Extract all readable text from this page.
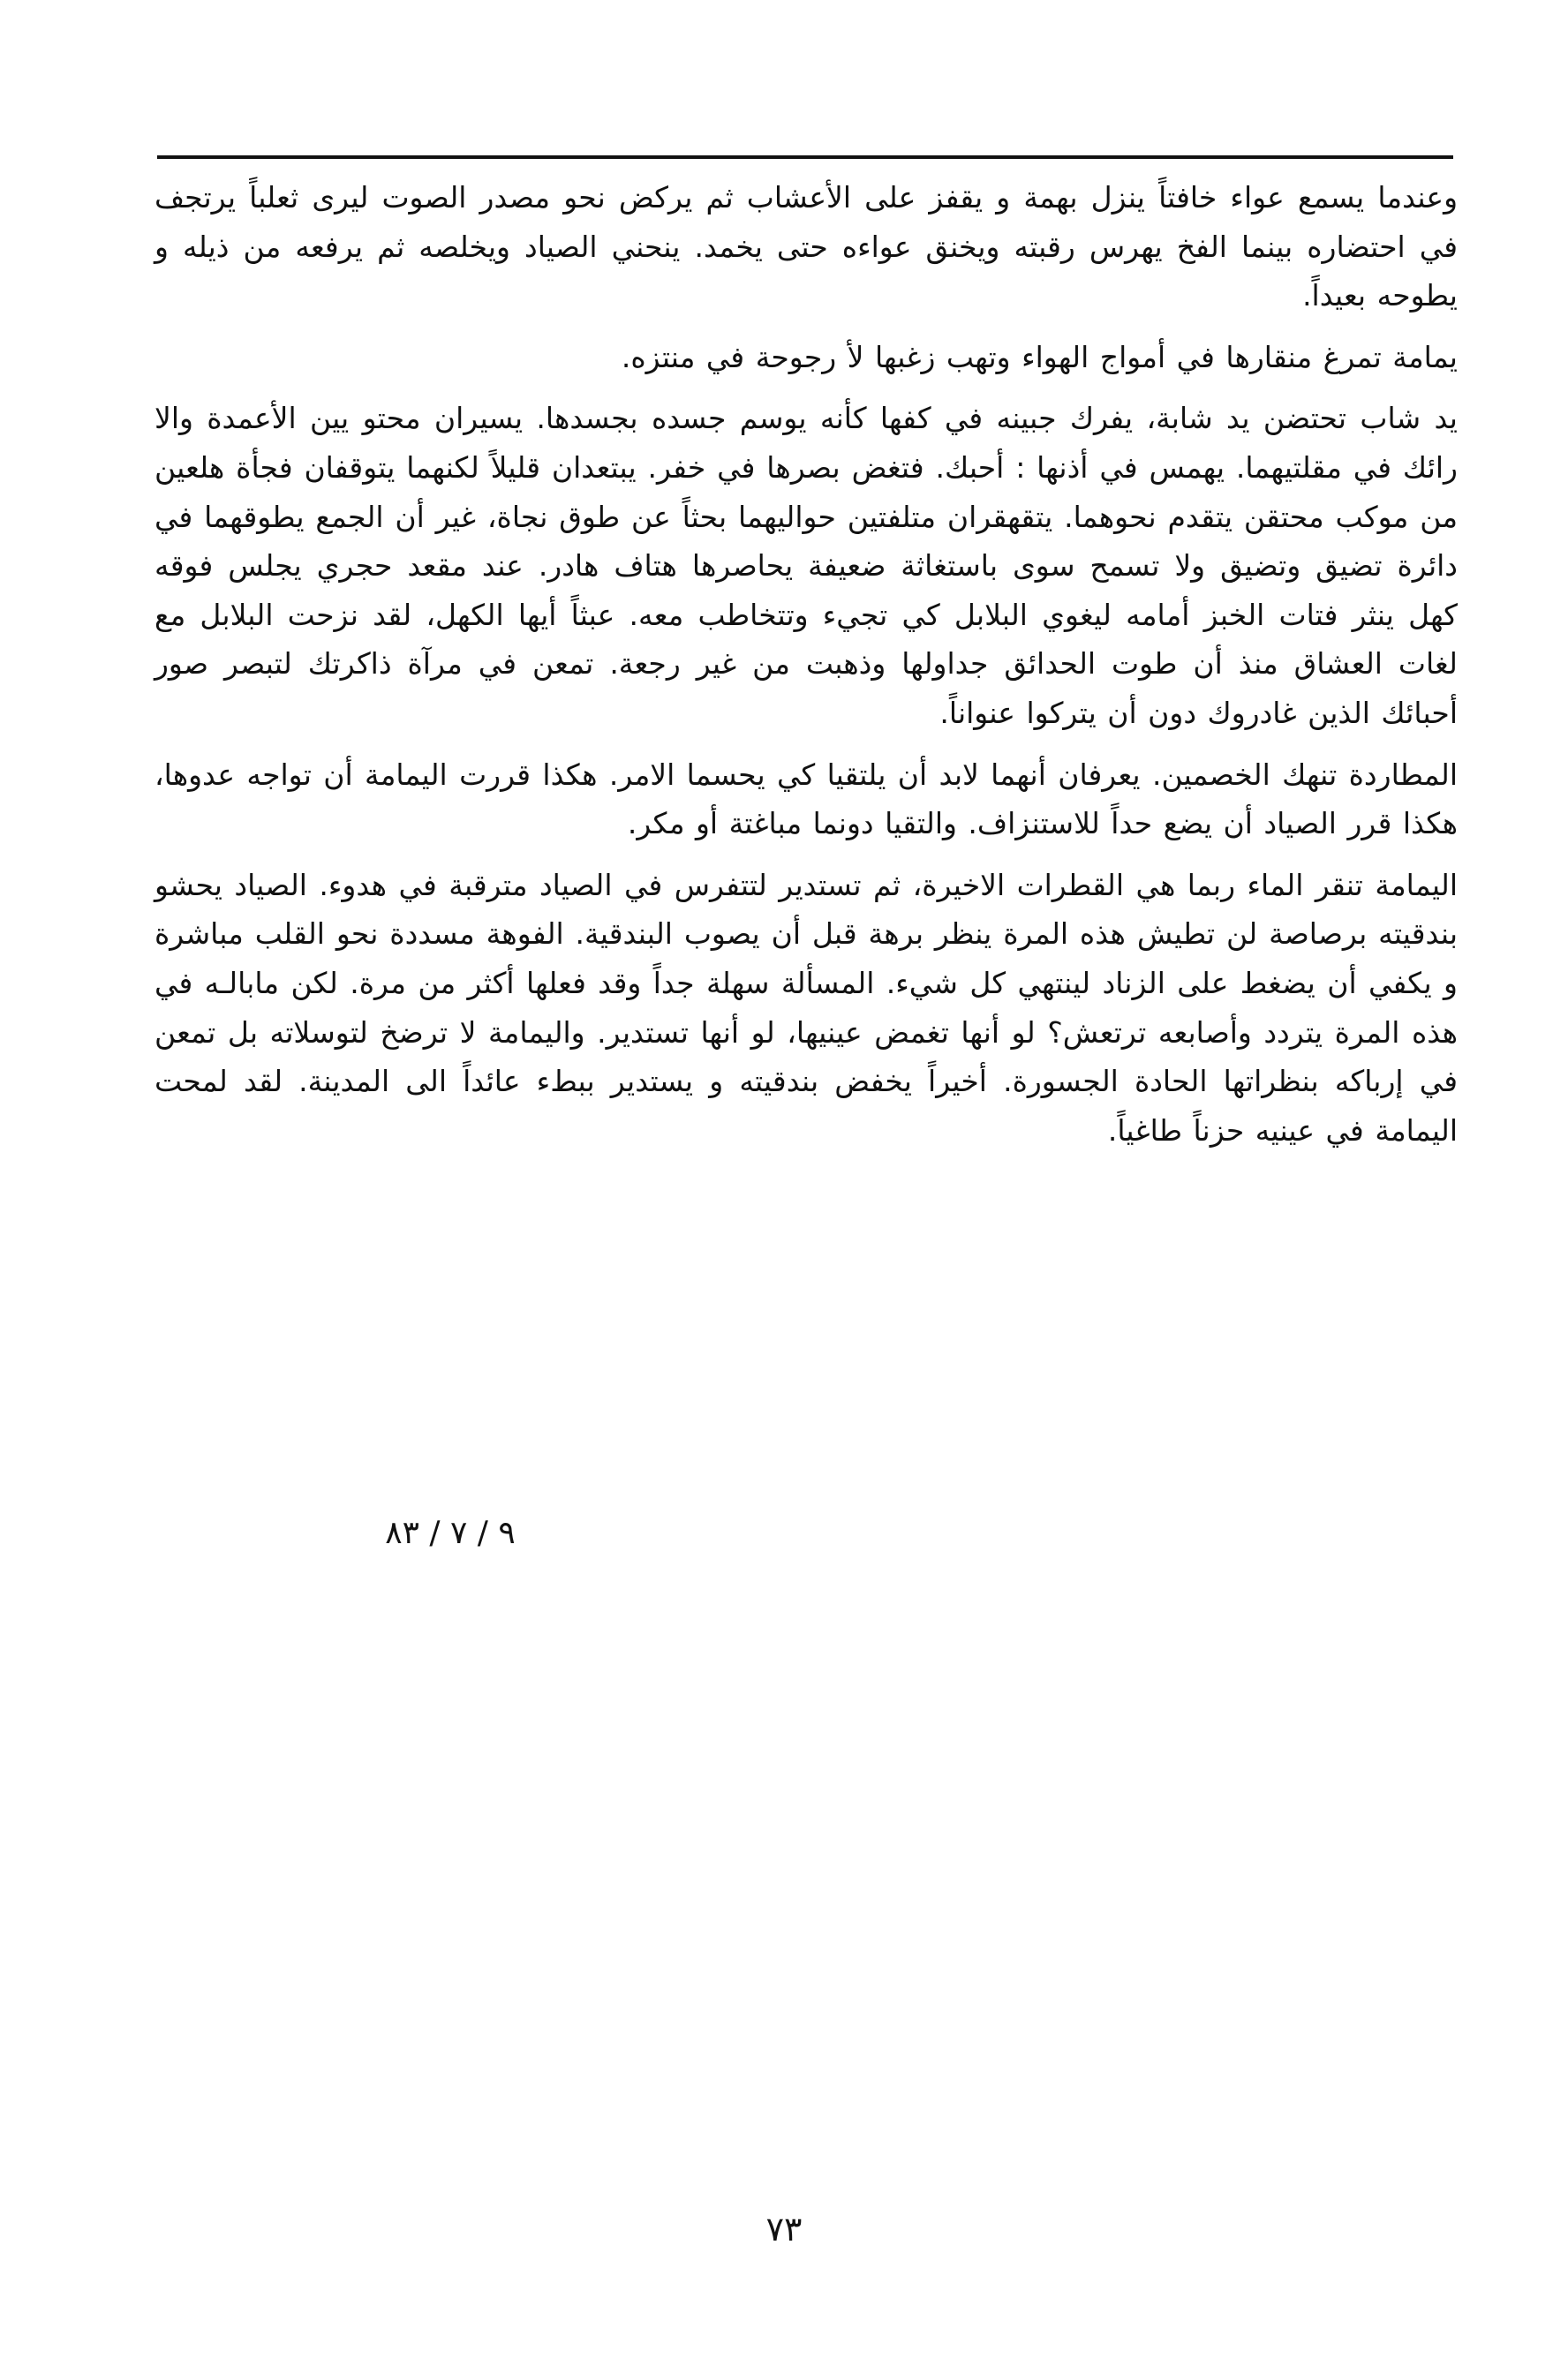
وعندما يسمع عواء خافتاً ينزل بهمة و يقفز على الأعشاب ثم يركض نحو مصدر الصوت ليرى ثعلباً يرتجف في احتضاره بينما الفخ يهرس رقبته ويخنق عواءه حتى يخمد. ينحني الصياد ويخلصه ثم يرفعه من ذيله و يطوحه بعيداً.

يمامة تمرغ منقارها في أمواج الهواء وتهب زغبها لأ رجوحة في منتزه.

يد شاب تحتضن يد شابة، يفرك جبينه في كفها كأنه يوسم جسده بجسدها. يسيران محتو يين الأعمدة والا رائك في مقلتيهما. يهمس في أذنها : أحبك. فتغض بصرها في خفر. يبتعدان قليلاً لكنهما يتوقفان فجأة هلعين من موكب محتقن يتقدم نحوهما. يتقهقران متلفتين حواليهما بحثاً عن طوق نجاة، غير أن الجمع يطوقهما في دائرة تضيق وتضيق ولا تسمح سوى باستغاثة ضعيفة يحاصرها هتاف هادر. عند مقعد حجري يجلس فوقه كهل ينثر فتات الخبز أمامه ليغوي البلابل كي تجيء وتتخاطب معه. عبثاً أيها الكهل، لقد نزحت البلابل مع لغات العشاق منذ أن طوت الحدائق جداولها وذهبت من غير رجعة. تمعن في مرآة ذاكرتك لتبصر صور أحبائك الذين غادروك دون أن يتركوا عنواناً.

المطاردة تنهك الخصمين. يعرفان أنهما لابد أن يلتقيا كي يحسما الامر. هكذا قررت اليمامة أن تواجه عدوها، هكذا قرر الصياد أن يضع حداً للاستنزاف. والتقيا دونما مباغتة أو مكر.

اليمامة تنقر الماء ربما هي القطرات الاخيرة، ثم تستدير لتتفرس في الصياد مترقبة في هدوء. الصياد يحشو بندقيته برصاصة لن تطيش هذه المرة ينظر برهة قبل أن يصوب البندقية. الفوهة مسددة نحو القلب مباشرة و يكفي أن يضغط على الزناد لينتهي كل شيء. المسألة سهلة جداً وقد فعلها أكثر من مرة. لكن مابالـه في هذه المرة يتردد وأصابعه ترتعش؟ لو أنها تغمض عينيها، لو أنها تستدير. واليمامة لا ترضخ لتوسلاته بل تمعن في إرباكه بنظراتها الحادة الجسورة. أخيراً يخفض بندقيته و يستدير ببطء عائداً الى المدينة. لقد لمحت اليمامة في عينيه حزناً طاغياً.

٩ / ٧ / ٨٣
٧٣
